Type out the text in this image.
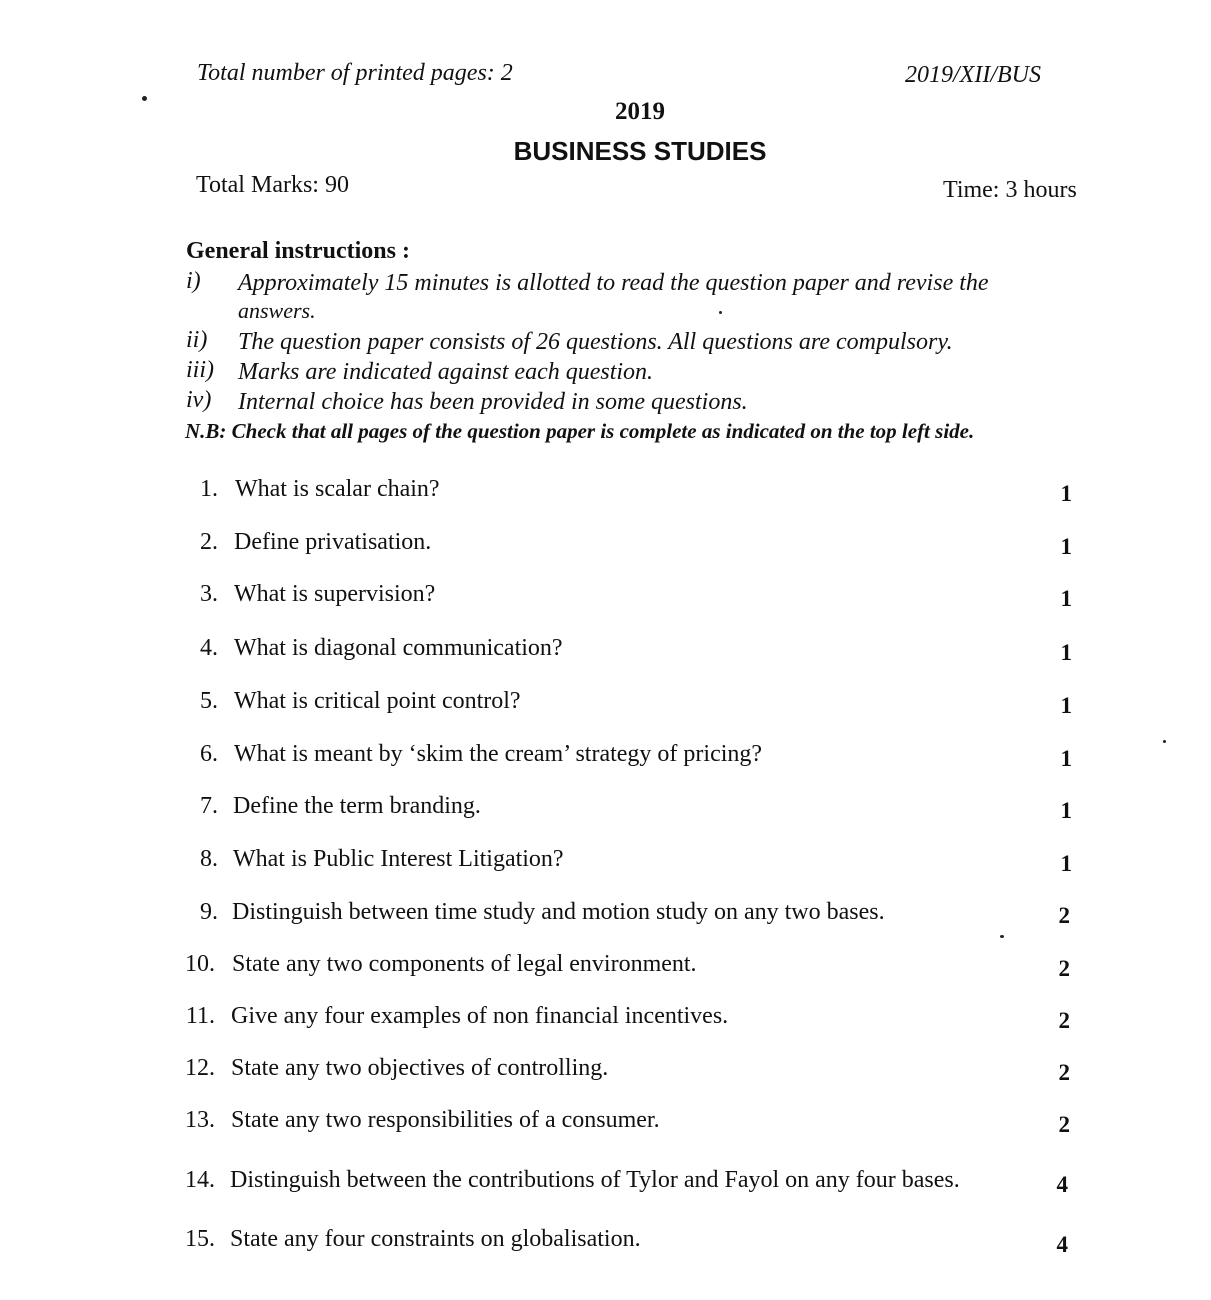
Total number of printed pages: 2	2019/XII/BUS
2019
BUSINESS STUDIES
Total Marks: 90	Time: 3 hours
General instructions :
i) Approximately 15 minutes is allotted to read the question paper and revise the
answers.
ii) The question paper consists of 26 questions. All questions are compulsory.
iii) Marks are indicated against each question.
iv) Internal choice has been provided in some questions.
N.B: Check that all pages of the question paper is complete as indicated on the top left side.
1. What is scalar chain?	1
2. Define privatisation.	1
3. What is supervision?	1
4. What is diagonal communication?	1
5. What is critical point control?	1
6. What is meant by ‘skim the cream’ strategy of pricing?	1
7. Define the term branding.	1
8. What is Public Interest Litigation?	1
9. Distinguish between time study and motion study on any two bases.	2
10. State any two components of legal environment.	2
11. Give any four examples of non financial incentives.	2
12. State any two objectives of controlling.	2
13. State any two responsibilities of a consumer.	2
14. Distinguish between the contributions of Tylor and Fayol on any four bases.	4
15. State any four constraints on globalisation.	4
